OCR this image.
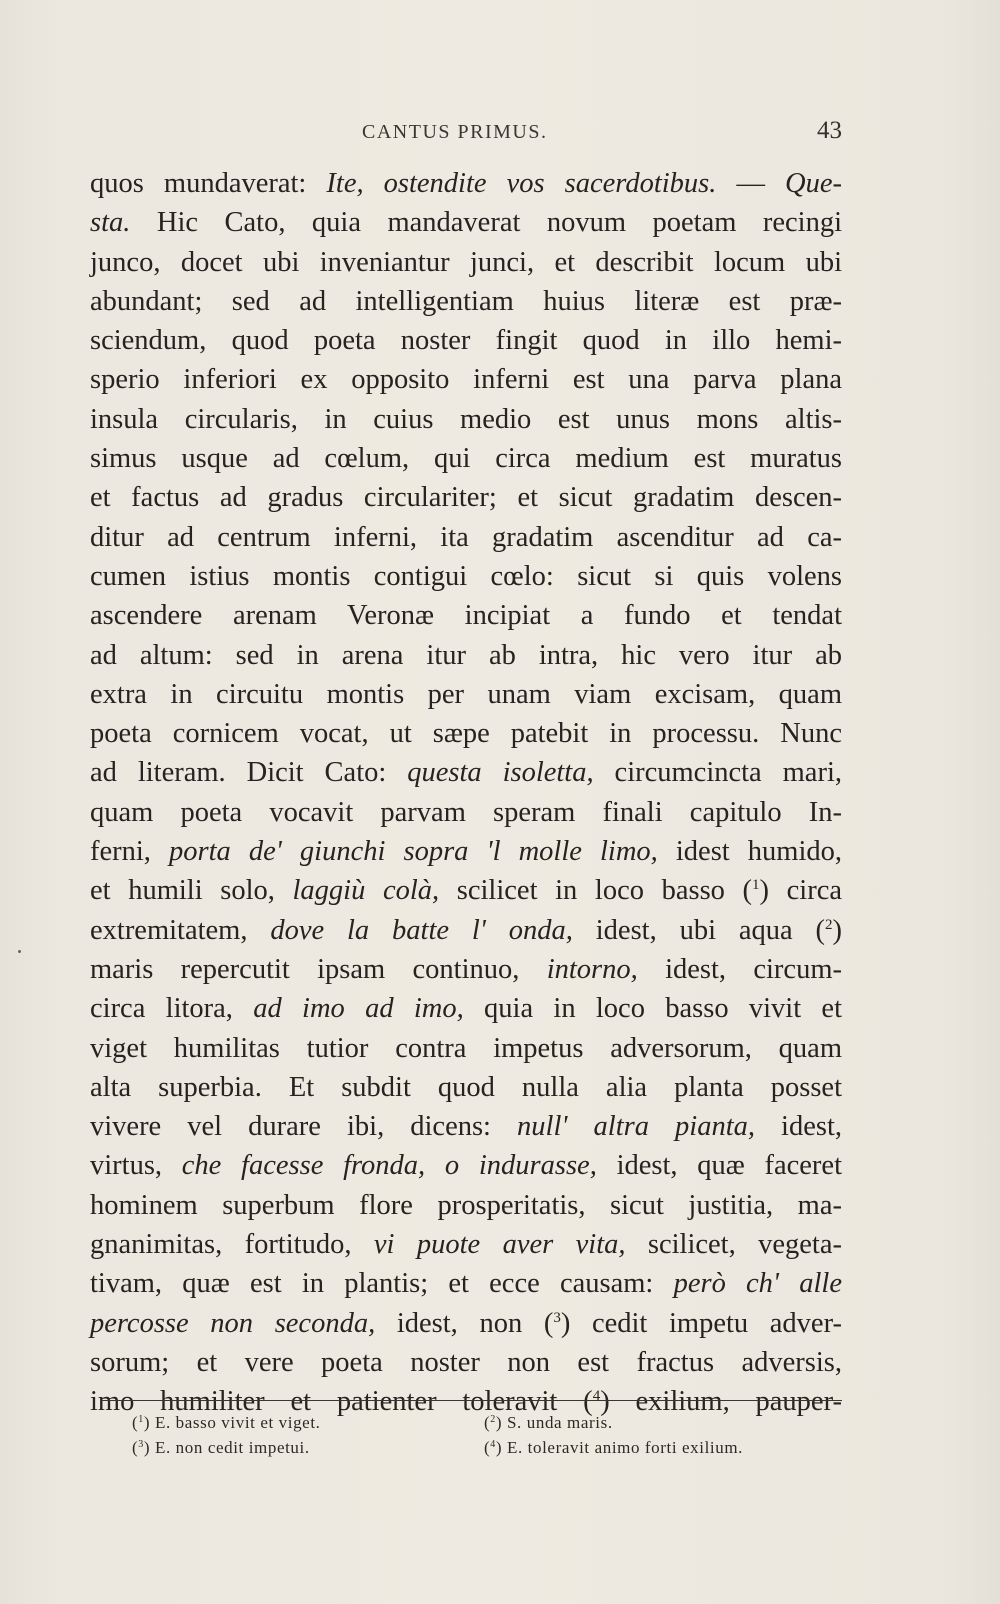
CANTUS PRIMUS.	43
quos mundaverat: Ite, ostendite vos sacerdotibus. — Que-
sta. Hic Cato, quia mandaverat novum poetam recingi
junco, docet ubi inveniantur junci, et describit locum ubi
abundant; sed ad intelligentiam huius literæ est præ-
sciendum, quod poeta noster fingit quod in illo hemi-
sperio inferiori ex opposito inferni est una parva plana
insula circularis, in cuius medio est unus mons altis-
simus usque ad cœlum, qui circa medium est muratus
et factus ad gradus circulariter; et sicut gradatim descen-
ditur ad centrum inferni, ita gradatim ascenditur ad ca-
cumen istius montis contigui cœlo: sicut si quis volens
ascendere arenam Veronæ incipiat a fundo et tendat
ad altum: sed in arena itur ab intra, hic vero itur ab
extra in circuitu montis per unam viam excisam, quam
poeta cornicem vocat, ut sæpe patebit in processu. Nunc
ad literam. Dicit Cato: questa isoletta, circumcincta mari,
quam poeta vocavit parvam speram finali capitulo In-
ferni, porta de' giunchi sopra 'l molle limo, idest humido,
et humili solo, laggiù colà, scilicet in loco basso ($^1$) circa
extremitatem, dove la batte l' onda, idest, ubi aqua ($^2$)
maris repercutit ipsam continuo, intorno, idest, circum-
circa litora, ad imo ad imo, quia in loco basso vivit et
viget humilitas tutior contra impetus adversorum, quam
alta superbia. Et subdit quod nulla alia planta posset
vivere vel durare ibi, dicens: null' altra pianta, idest,
virtus, che facesse fronda, o indurasse, idest, quæ faceret
hominem superbum flore prosperitatis, sicut justitia, ma-
gnanimitas, fortitudo, vi puote aver vita, scilicet, vegeta-
tivam, quæ est in plantis; et ecce causam: però ch' alle
percosse non seconda, idest, non ($^3$) cedit impetu adver-
sorum; et vere poeta noster non est fractus adversis,
imo humiliter et patienter toleravit ($^4$) exilium, pauper-
($^1$) E. basso vivit et viget.	($^2$) S. unda maris.
($^3$) E. non cedit impetui.	($^4$) E. toleravit animo forti exilium.
